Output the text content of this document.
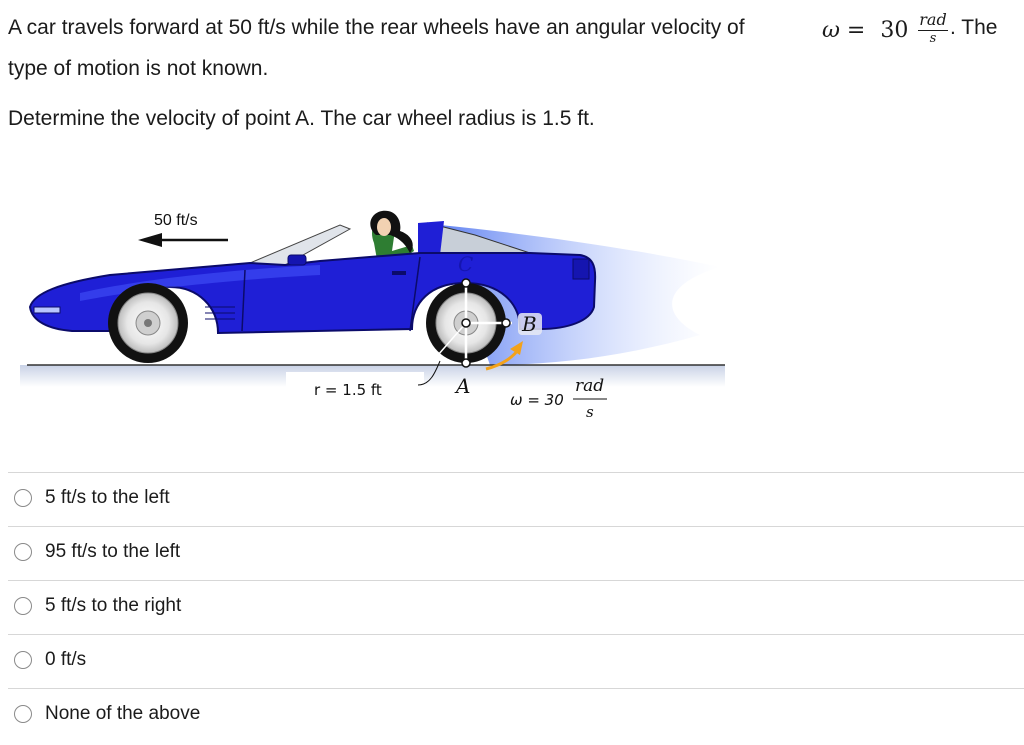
A car travels forward at 50 ft/s while the rear wheels have an angular velocity of	ω = 30 rad
s . The
type of motion is not known.
Determine the velocity of point A. The car wheel radius is 1.5 ft.
50 ft/s
C
B
A
r = 1.5 ft
ω = 30
rad
s
5 ft/s to the left
95 ft/s to the left
5 ft/s to the right
0 ft/s
None of the above
